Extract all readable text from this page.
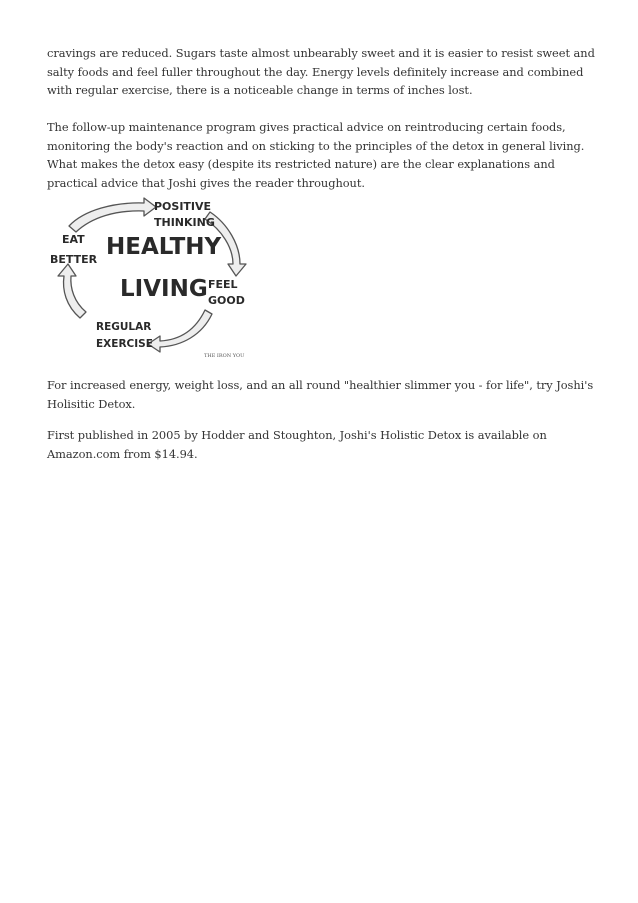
cravings are reduced. Sugars taste almost unbearably sweet and it is easier to resist sweet and salty foods and feel fuller throughout the day. Energy levels definitely increase and combined with regular exercise, there is a noticeable change in terms of inches lost.

The follow-up maintenance program gives practical advice on reintroducing certain foods, monitoring the body's reaction and on sticking to the principles of the detox in general living. What makes the detox easy (despite its restricted nature) are the clear explanations and practical advice that Joshi gives the reader throughout.

HEALTHY
LIVING
POSITIVE
THINKING
FEEL
GOOD
REGULAR
EXERCISE
EAT
BETTER
THE IRON YOU

For increased energy, weight loss, and an all round "healthier slimmer you - for life", try Joshi's Holisitic Detox.

First published in 2005 by Hodder and Stoughton, Joshi's Holistic Detox is available on Amazon.com from $14.94.
